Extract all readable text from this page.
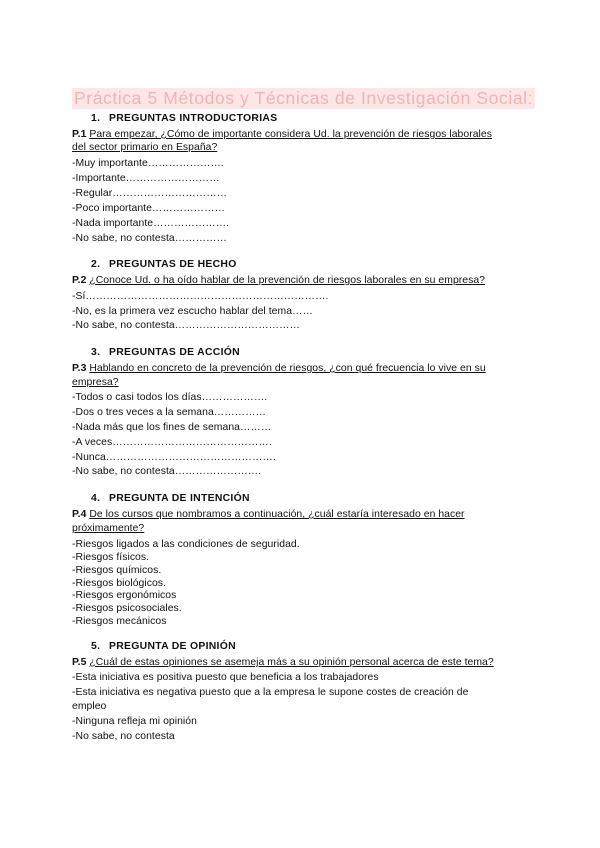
Práctica 5 Métodos y Técnicas de Investigación Social:
1. PREGUNTAS INTRODUCTORIAS
P.1 Para empezar, ¿Cómo de importante considera Ud. la prevención de riesgos laborales
del sector primario en España?
-Muy importante………………….
-Importante………………………
-Regular……………………………
-Poco importante…………………
-Nada importante………………….
-No sabe, no contesta……………
2. PREGUNTAS DE HECHO
P.2 ¿Conoce Ud. o ha oído hablar de la prevención de riesgos laborales en su empresa?
-Sí…………………………………………………………….
-No, es la primera vez escucho hablar del tema……
-No sabe, no contesta………………………………
3. PREGUNTAS DE ACCIÓN
P.3 Hablando en concreto de la prevención de riesgos, ¿con qué frecuencia lo vive en su
empresa?
-Todos o casi todos los días……………….
-Dos o tres veces a la semana……………
-Nada más que los fines de semana………
-A veces……………………………………….
-Nunca………………………………………….
-No sabe, no contesta…………………….
4. PREGUNTA DE INTENCIÓN
P.4 De los cursos que nombramos a continuación, ¿cuál estaría interesado en hacer
próximamente?
-Riesgos ligados a las condiciones de seguridad.
-Riesgos físicos.
-Riesgos químicos.
-Riesgos biológicos.
-Riesgos ergonómicos
-Riesgos psicosociales.
-Riesgos mecánicos
5. PREGUNTA DE OPINIÓN
P.5 ¿Cuál de estas opiniones se asemeja más a su opinión personal acerca de este tema?
-Esta iniciativa es positiva puesto que beneficia a los trabajadores
-Esta iniciativa es negativa puesto que a la empresa le supone costes de creación de
empleo
-Ninguna refleja mi opinión
-No sabe, no contesta
